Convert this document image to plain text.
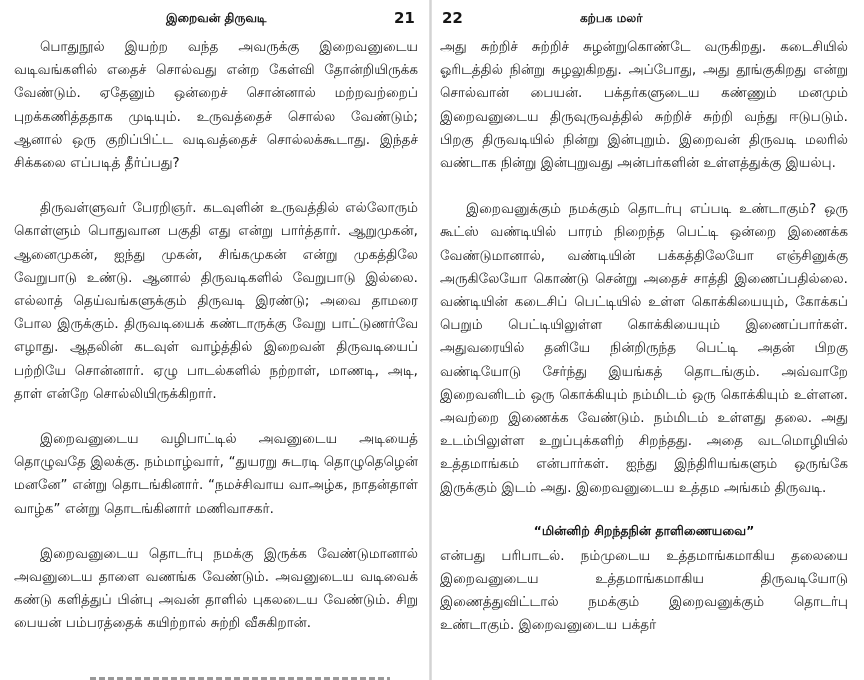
இறைவன் திருவடி	21

பொதுநூல் இயற்ற வந்த அவருக்கு இறைவனுடைய வடிவங்களில் எதைச் சொல்வது என்ற கேள்வி தோன்றியிருக்க வேண்டும். ஏதேனும் ஒன்றைச் சொன்னால் மற்றவற்றைப் புறக்கணித்ததாக முடியும். உருவத்தைச் சொல்ல வேண்டும்; ஆனால் ஒரு குறிப்பிட்ட வடிவத்தைச் சொல்லக்கூடாது. இந்தச் சிக்கலை எப்படித் தீர்ப்பது?

திருவள்ளுவர் பேரறிஞர். கடவுளின் உருவத்தில் எல்லோரும் கொள்ளும் பொதுவான பகுதி எது என்று பார்த்தார். ஆறுமுகன், ஆனைமுகன், ஐந்து முகன், சிங்கமுகன் என்று முகத்திலே வேறுபாடு உண்டு. ஆனால் திருவடிகளில் வேறுபாடு இல்லை. எல்லாத் தெய்வங்களுக்கும் திருவடி இரண்டு; அவை தாமரை போல இருக்கும். திருவடியைக் கண்டாருக்கு வேறு பாட்டுணர்வே எழாது. ஆதலின் கடவுள் வாழ்த்தில் இறைவன் திருவடியைப் பற்றியே சொன்னார். ஏழு பாடல்களில் நற்றாள், மாணடி, அடி, தாள் என்றே சொல்லியிருக்கிறார்.

இறைவனுடைய வழிபாட்டில் அவனுடைய அடியைத் தொழுவதே இலக்கு. நம்மாழ்வார், “துயரறு சுடரடி தொழுதெழென் மனனே” என்று தொடங்கினார். “நமச்சிவாய வாஅழ்க, நாதன்தாள் வாழ்க” என்று தொடங்கினார் மணிவாசகர்.

இறைவனுடைய தொடர்பு நமக்கு இருக்க வேண்டுமானால் அவனுடைய தாளை வணங்க வேண்டும். அவனுடைய வடிவைக் கண்டு களித்துப் பின்பு அவன் தாளில் புகலடைய வேண்டும். சிறு பையன் பம்பரத்தைக் கயிற்றால் சுற்றி வீசுகிறான்.

22	கற்பக மலர்

அது சுற்றிச் சுற்றிச் சுழன்றுகொண்டே வருகிறது. கடைசியில் ஓரிடத்தில் நின்று சுழலுகிறது. அப்போது, அது தூங்குகிறது என்று சொல்வான் பையன். பக்தர்களுடைய கண்ணும் மனமும் இறைவனுடைய திருவுருவத்தில் சுற்றிச் சுற்றி வந்து ஈடுபடும். பிறகு திருவடியில் நின்று இன்புறும். இறைவன் திருவடி மலரில் வண்டாக நின்று இன்புறுவது அன்பர்களின் உள்ளத்துக்கு இயல்பு.

இறைவனுக்கும் நமக்கும் தொடர்பு எப்படி உண்டாகும்? ஒரு கூட்ஸ் வண்டியில் பாரம் நிறைந்த பெட்டி ஒன்றை இணைக்க வேண்டுமானால், வண்டியின் பக்கத்திலேயோ எஞ்சினுக்கு அருகிலேயோ கொண்டு சென்று அதைச் சாத்தி இணைப்பதில்லை. வண்டியின் கடைசிப் பெட்டியில் உள்ள கொக்கியையும், கோக்கப் பெறும் பெட்டியிலுள்ள கொக்கியையும் இணைப்பார்கள். அதுவரையில் தனியே நின்றிருந்த பெட்டி அதன் பிறகு வண்டியோடு சேர்ந்து இயங்கத் தொடங்கும். அவ்வாறே இறைவனிடம் ஒரு கொக்கியும் நம்மிடம் ஒரு கொக்கியும் உள்ளன. அவற்றை இணைக்க வேண்டும். நம்மிடம் உள்ளது தலை. அது உடம்பிலுள்ள உறுப்புக்களிற் சிறந்தது. அதை வடமொழியில் உத்தமாங்கம் என்பார்கள். ஐந்து இந்திரியங்களும் ஒருங்கே இருக்கும் இடம் அது. இறைவனுடைய உத்தம அங்கம் திருவடி.

“மின்னிற் சிறந்தநின் தாளிணையவை”

என்பது பரிபாடல். நம்முடைய உத்தமாங்கமாகிய தலையை இறைவனுடைய உத்தமாங்கமாகிய திருவடியோடு இணைத்துவிட்டால் நமக்கும் இறைவனுக்கும் தொடர்பு உண்டாகும். இறைவனுடைய பக்தர்
